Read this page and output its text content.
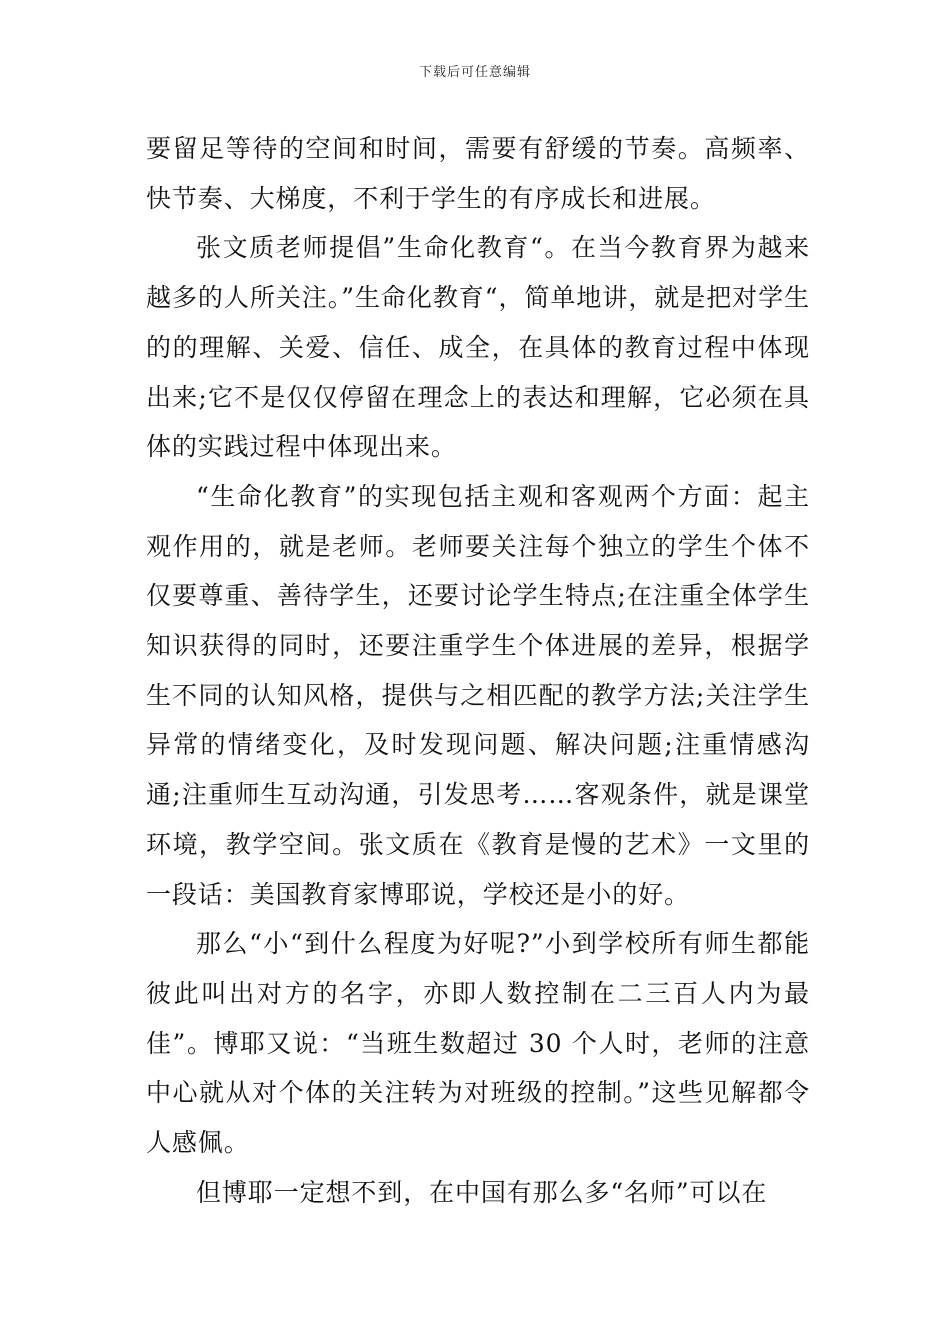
下载后可任意编辑

要留足等待的空间和时间，需要有舒缓的节奏。高频率、快节奏、大梯度，不利于学生的有序成长和进展。

张文质老师提倡”生命化教育“。在当今教育界为越来越多的人所关注。”生命化教育“，简单地讲，就是把对学生的的理解、关爱、信任、成全，在具体的教育过程中体现出来;它不是仅仅停留在理念上的表达和理解，它必须在具体的实践过程中体现出来。

“生命化教育”的实现包括主观和客观两个方面：起主观作用的，就是老师。老师要关注每个独立的学生个体不仅要尊重、善待学生，还要讨论学生特点;在注重全体学生知识获得的同时，还要注重学生个体进展的差异，根据学生不同的认知风格，提供与之相匹配的教学方法;关注学生异常的情绪变化，及时发现问题、解决问题;注重情感沟通;注重师生互动沟通，引发思考……客观条件，就是课堂环境，教学空间。张文质在《教育是慢的艺术》一文里的一段话：美国教育家博耶说，学校还是小的好。

那么“小“到什么程度为好呢?”小到学校所有师生都能彼此叫出对方的名字，亦即人数控制在二三百人内为最佳”。博耶又说：“当班生数超过 30 个人时，老师的注意中心就从对个体的关注转为对班级的控制。”这些见解都令人感佩。

但博耶一定想不到，在中国有那么多“名师”可以在
